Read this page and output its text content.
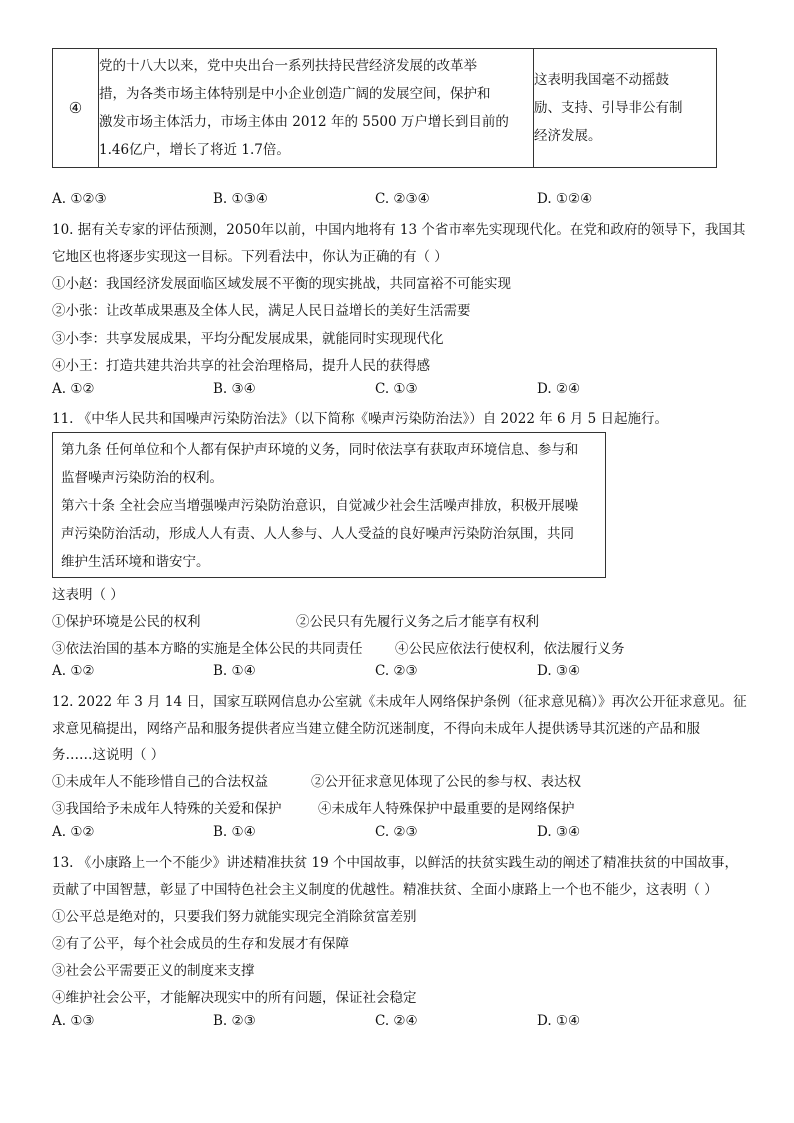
④	
党的十八大以来，党中央出台一系列扶持民营经济发展的改革举
措，为各类市场主体特别是中小企业创造广阔的发展空间，保护和
激发市场主体活力，市场主体由 2012 年的 5500 万户增长到目前的
1.46亿户，增长了将近 1.7倍。

这表明我国毫不动摇鼓
励、支持、引导非公有制
经济发展。
A. ①②③	B. ①③④	C. ②③④	D. ①②④
10. 据有关专家的评估预测，2050年以前，中国内地将有 13 个省市率先实现现代化。在党和政府的领导下，我国其
它地区也将逐步实现这一目标。下列看法中，你认为正确的有（ ）
①小赵：我国经济发展面临区域发展不平衡的现实挑战，共同富裕不可能实现
②小张：让改革成果惠及全体人民，满足人民日益增长的美好生活需要
③小李：共享发展成果，平均分配发展成果，就能同时实现现代化
④小王：打造共建共治共享的社会治理格局，提升人民的获得感
A. ①②	B. ③④	C. ①③	D. ②④
11. 《中华人民共和国噪声污染防治法》（以下简称《噪声污染防治法》）自 2022 年 6 月 5 日起施行。
第九条 任何单位和个人都有保护声环境的义务，同时依法享有获取声环境信息、参与和
监督噪声污染防治的权利。
第六十条 全社会应当增强噪声污染防治意识，自觉减少社会生活噪声排放，积极开展噪
声污染防治活动，形成人人有责、人人参与、人人受益的良好噪声污染防治氛围，共同
维护生活环境和谐安宁。
这表明（ ）
①保护环境是公民的权利	②公民只有先履行义务之后才能享有权利
③依法治国的基本方略的实施是全体公民的共同责任 ④公民应依法行使权利，依法履行义务
A. ①②	B. ①④	C. ②③	D. ③④
12. 2022 年 3 月 14 日，国家互联网信息办公室就《未成年人网络保护条例（征求意见稿）》再次公开征求意见。征
求意见稿提出，网络产品和服务提供者应当建立健全防沉迷制度，不得向未成年人提供诱导其沉迷的产品和服
务……这说明（ ）
①未成年人不能珍惜自己的合法权益	②公开征求意见体现了公民的参与权、表达权
③我国给予未成年人特殊的关爱和保护	④未成年人特殊保护中最重要的是网络保护
A. ①②	B. ①④	C. ②③	D. ③④
13. 《小康路上一个不能少》讲述精准扶贫 19 个中国故事，以鲜活的扶贫实践生动的阐述了精准扶贫的中国故事，
贡献了中国智慧，彰显了中国特色社会主义制度的优越性。精准扶贫、全面小康路上一个也不能少，这表明（ ）
①公平总是绝对的，只要我们努力就能实现完全消除贫富差别
②有了公平，每个社会成员的生存和发展才有保障
③社会公平需要正义的制度来支撑
④维护社会公平，才能解决现实中的所有问题，保证社会稳定
A. ①③	B. ②③	C. ②④	D. ①④
